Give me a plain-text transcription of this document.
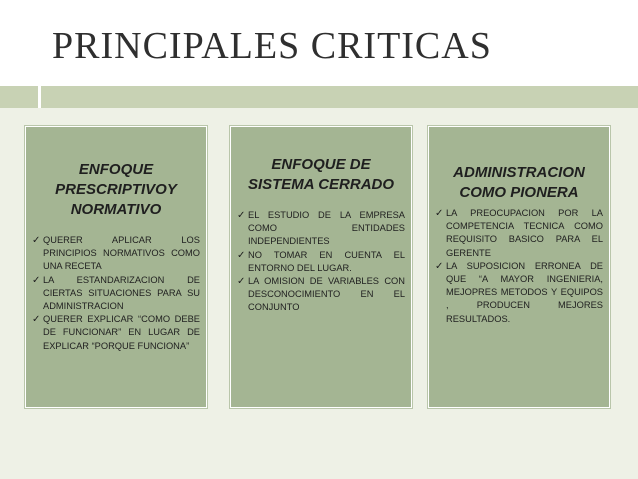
PRINCIPALES CRITICAS
ENFOQUE PRESCRIPTIVOY NORMATIVO
✓ QUERER APLICAR LOS PRINCIPIOS NORMATIVOS COMO UNA RECETA
✓ LA ESTANDARIZACION DE CIERTAS SITUACIONES PARA SU ADMINISTRACION
✓ QUERER EXPLICAR “COMO DEBE DE FUNCIONAR” EN LUGAR DE EXPLICAR “PORQUE FUNCIONA”
ENFOQUE DE SISTEMA CERRADO
✓ EL ESTUDIO DE LA EMPRESA COMO ENTIDADES INDEPENDIENTES
✓ NO TOMAR EN CUENTA EL ENTORNO DEL LUGAR.
✓ LA OMISION DE VARIABLES CON DESCONOCIMIENTO EN EL CONJUNTO
ADMINISTRACION COMO PIONERA
✓ LA PREOCUPACION POR LA COMPETENCIA TECNICA COMO REQUISITO BASICO PARA EL GERENTE
✓ LA SUPOSICION ERRONEA DE QUE “A MAYOR INGENIERIA, MEJOPRES METODOS Y EQUIPOS , PRODUCEN MEJORES RESULTADOS.
